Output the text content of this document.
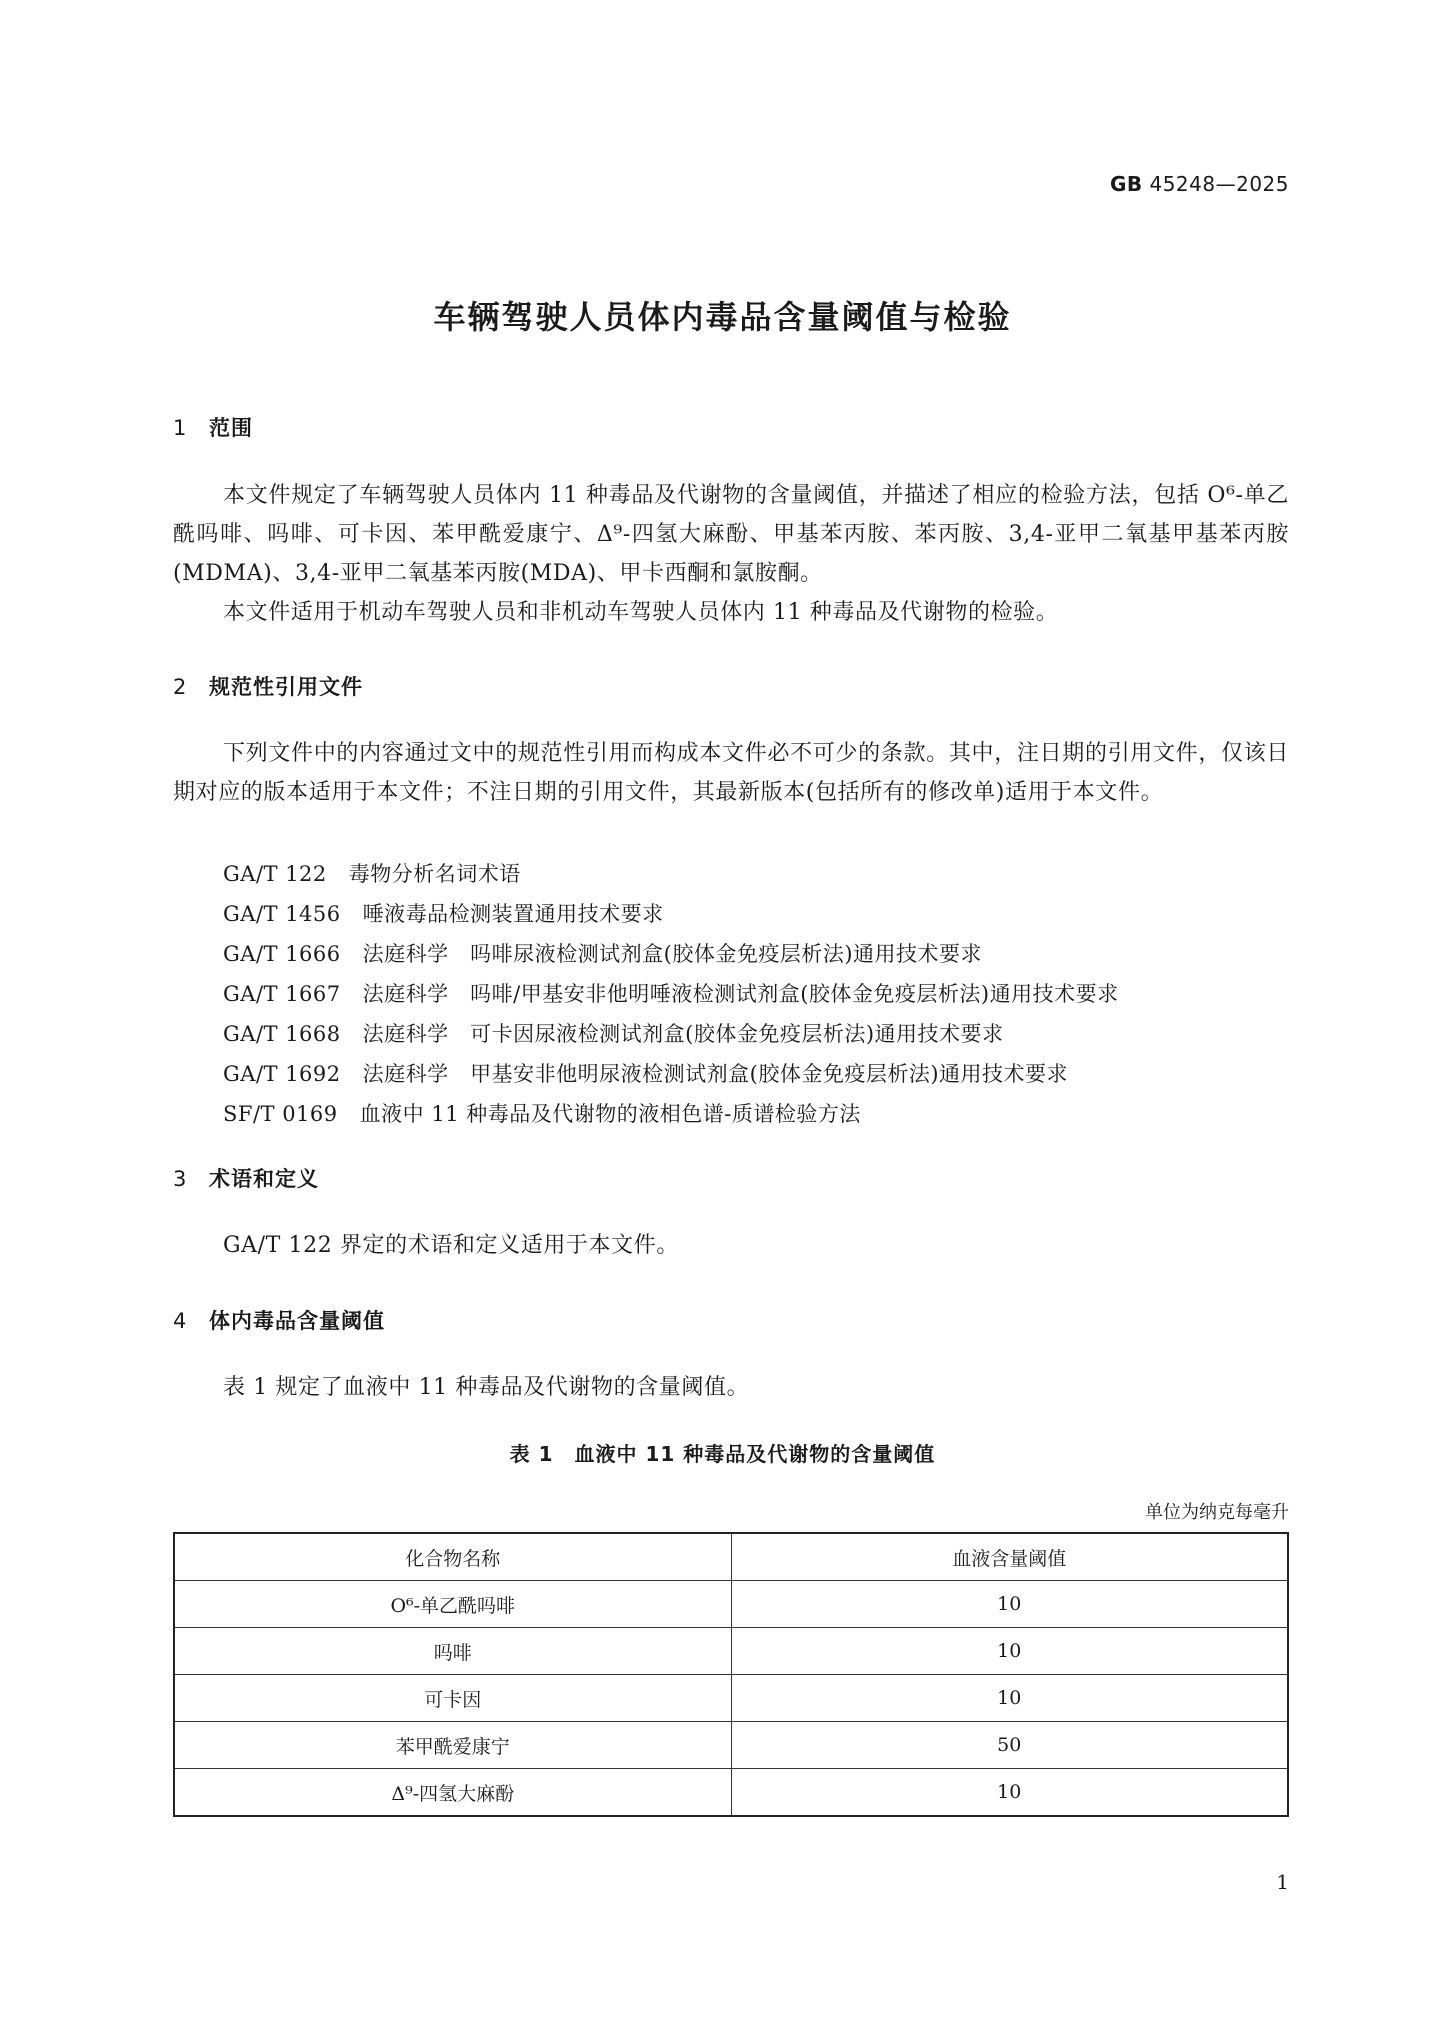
GB 45248—2025
车辆驾驶人员体内毒品含量阈值与检验
1 范围
本文件规定了车辆驾驶人员体内 11 种毒品及代谢物的含量阈值，并描述了相应的检验方法，包括 O⁶-单乙酰吗啡、吗啡、可卡因、苯甲酰爱康宁、Δ⁹-四氢大麻酚、甲基苯丙胺、苯丙胺、3,4-亚甲二氧基甲基苯丙胺(MDMA)、3,4-亚甲二氧基苯丙胺(MDA)、甲卡西酮和氯胺酮。
本文件适用于机动车驾驶人员和非机动车驾驶人员体内 11 种毒品及代谢物的检验。
2 规范性引用文件
下列文件中的内容通过文中的规范性引用而构成本文件必不可少的条款。其中，注日期的引用文件，仅该日期对应的版本适用于本文件；不注日期的引用文件，其最新版本(包括所有的修改单)适用于本文件。
GA/T 122 毒物分析名词术语
GA/T 1456 唾液毒品检测装置通用技术要求
GA/T 1666 法庭科学　吗啡尿液检测试剂盒(胶体金免疫层析法)通用技术要求
GA/T 1667 法庭科学　吗啡/甲基安非他明唾液检测试剂盒(胶体金免疫层析法)通用技术要求
GA/T 1668 法庭科学　可卡因尿液检测试剂盒(胶体金免疫层析法)通用技术要求
GA/T 1692 法庭科学　甲基安非他明尿液检测试剂盒(胶体金免疫层析法)通用技术要求
SF/T 0169 血液中 11 种毒品及代谢物的液相色谱-质谱检验方法
3 术语和定义
GA/T 122 界定的术语和定义适用于本文件。
4 体内毒品含量阈值
表 1 规定了血液中 11 种毒品及代谢物的含量阈值。
表 1　血液中 11 种毒品及代谢物的含量阈值
单位为纳克每毫升
化合物名称	血液含量阈值
O⁶-单乙酰吗啡	10
吗啡	10
可卡因	10
苯甲酰爱康宁	50
Δ⁹-四氢大麻酚	10
1
